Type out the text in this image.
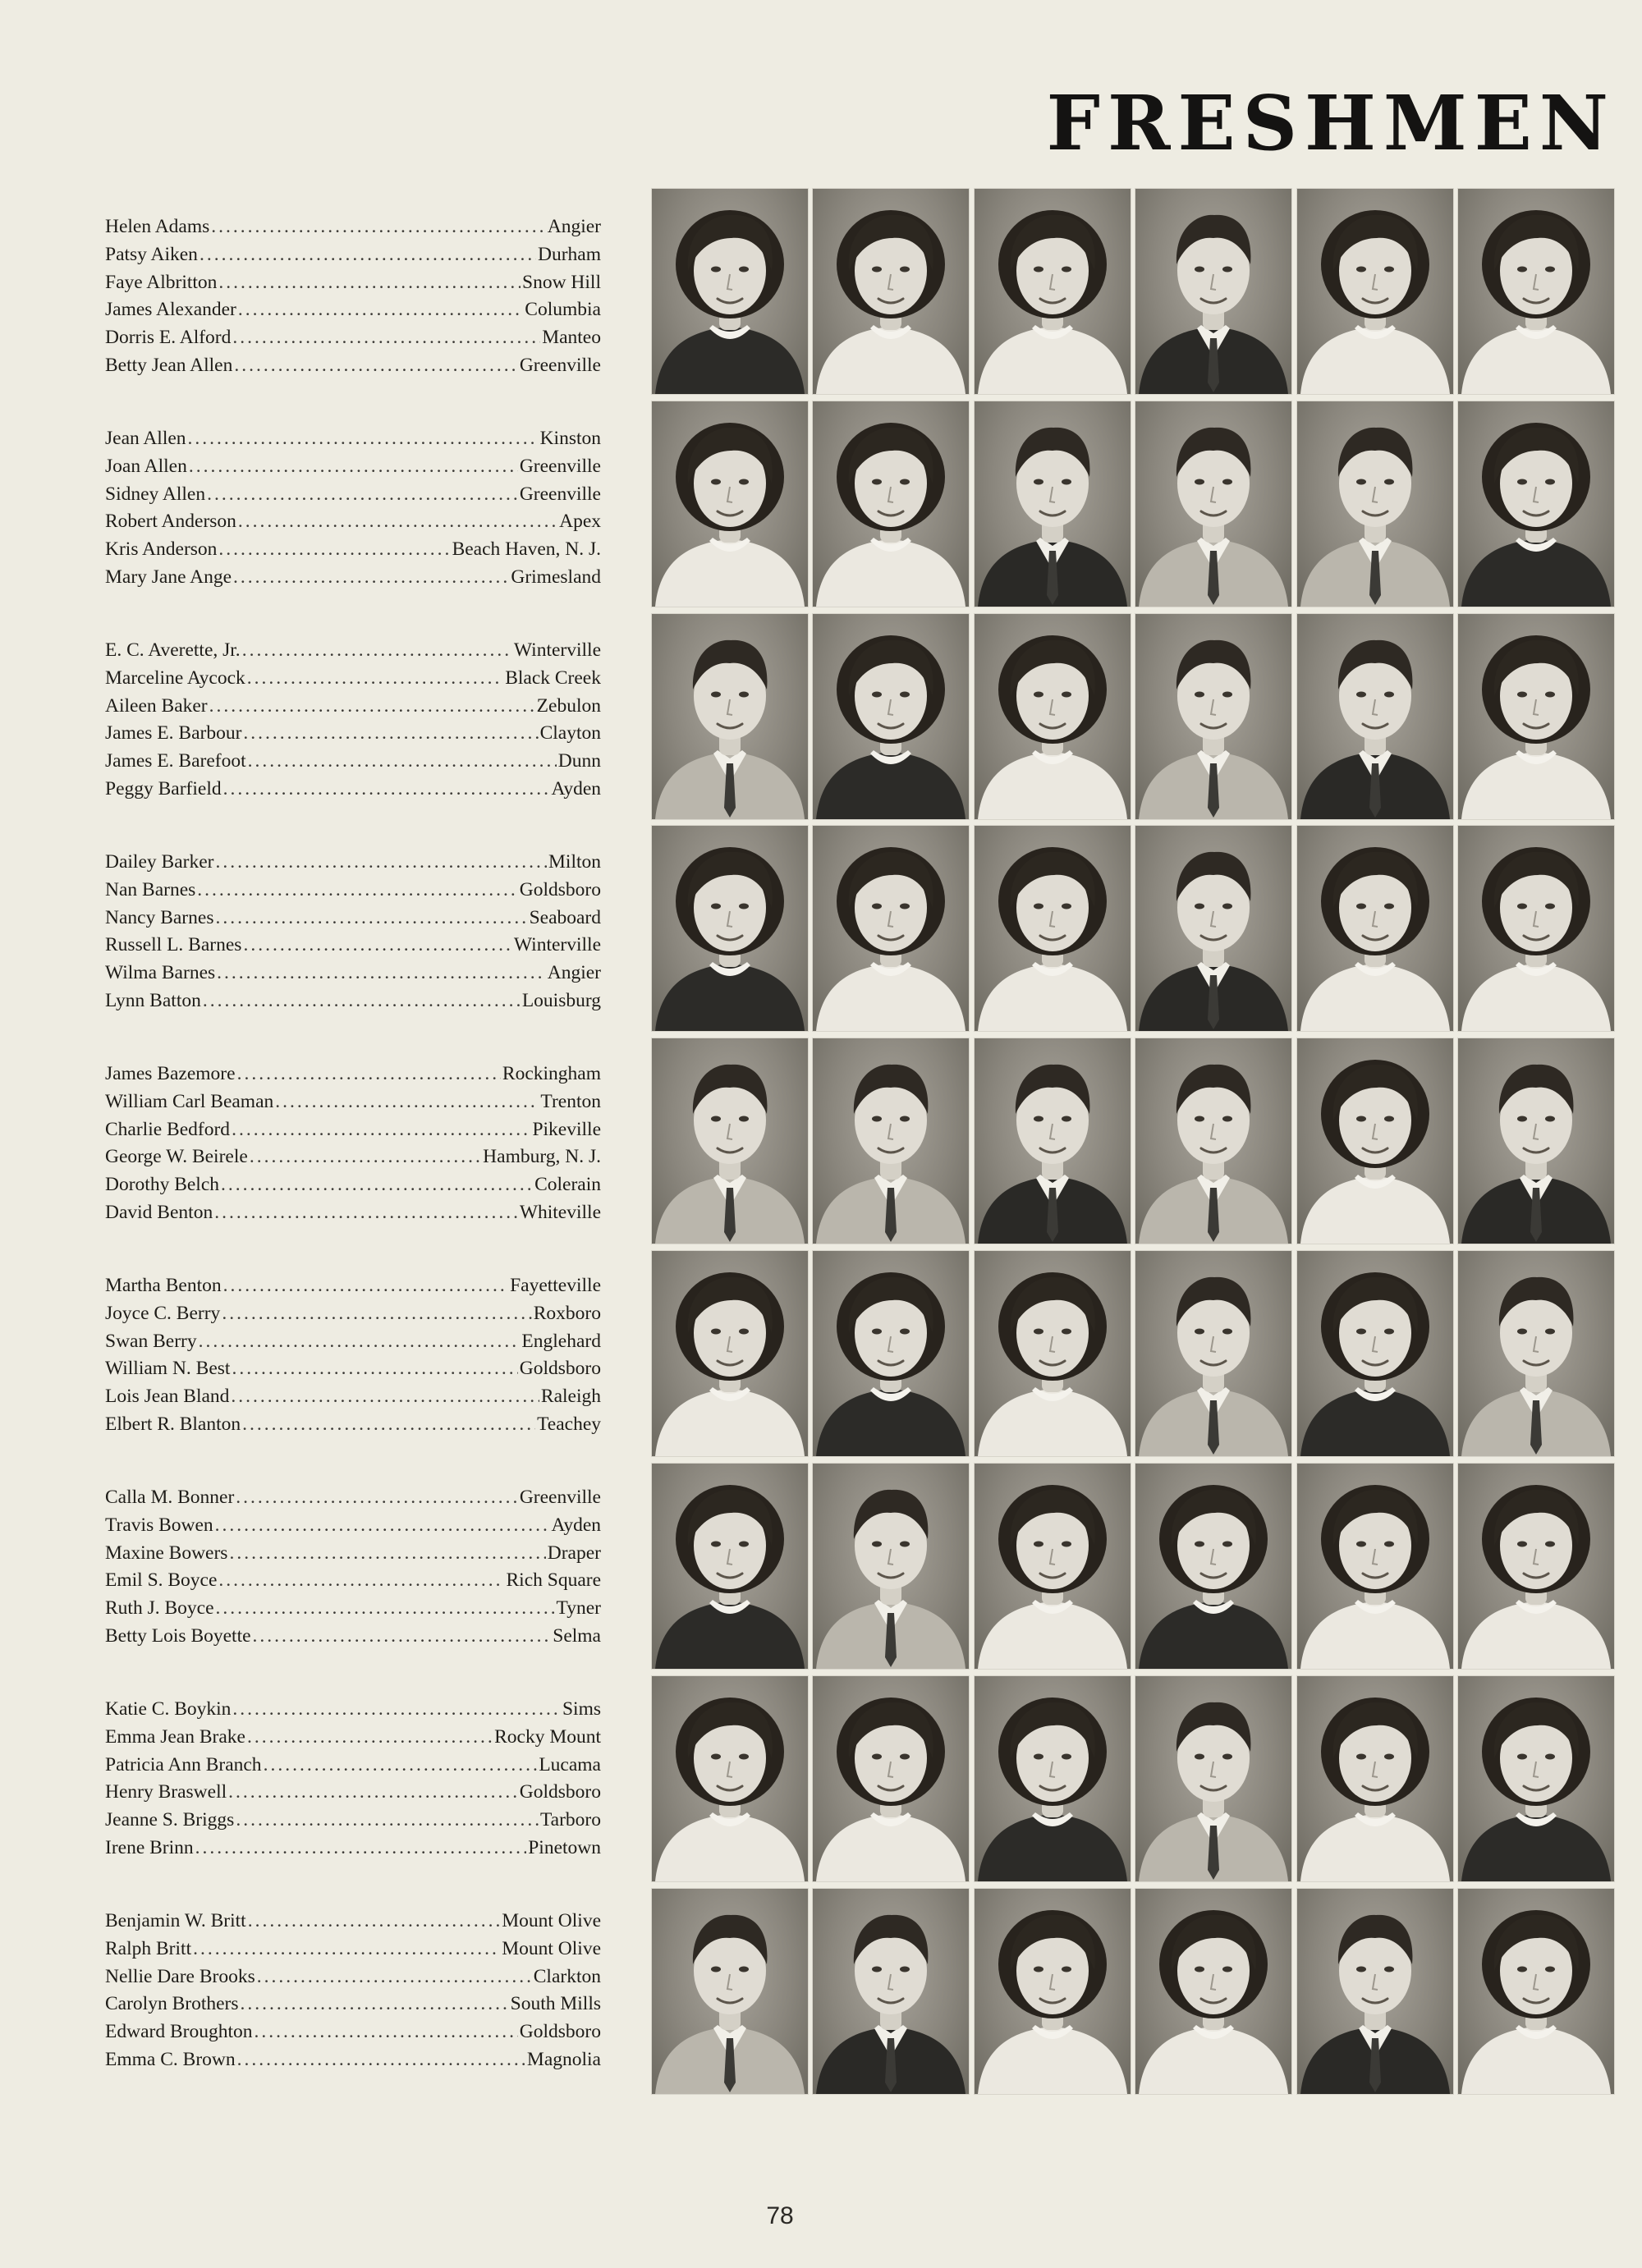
FRESHMEN
Helen Adams .....	Angier
Patsy Aiken .....	Durham
Faye Albritton .....	Snow Hill
James Alexander .....	Columbia
Dorris E. Alford .....	Manteo
Betty Jean Allen .....	Greenville
Jean Allen .....	Kinston
Joan Allen .....	Greenville
Sidney Allen .....	Greenville
Robert Anderson .....	Apex
Kris Anderson .....	Beach Haven, N. J.
Mary Jane Ange .....	Grimesland
E. C. Averette, Jr. .....	Winterville
Marceline Aycock .....	Black Creek
Aileen Baker .....	Zebulon
James E. Barbour .....	Clayton
James E. Barefoot .....	Dunn
Peggy Barfield .....	Ayden
Dailey Barker .....	Milton
Nan Barnes .....	Goldsboro
Nancy Barnes .....	Seaboard
Russell L. Barnes .....	Winterville
Wilma Barnes .....	Angier
Lynn Batton .....	Louisburg
James Bazemore .....	Rockingham
William Carl Beaman .....	Trenton
Charlie Bedford .....	Pikeville
George W. Beirele .....	Hamburg, N. J.
Dorothy Belch .....	Colerain
David Benton .....	Whiteville
Martha Benton .....	Fayetteville
Joyce C. Berry .....	Roxboro
Swan Berry .....	Englehard
William N. Best .....	Goldsboro
Lois Jean Bland .....	Raleigh
Elbert R. Blanton .....	Teachey
Calla M. Bonner .....	Greenville
Travis Bowen .....	Ayden
Maxine Bowers .....	Draper
Emil S. Boyce .....	Rich Square
Ruth J. Boyce .....	Tyner
Betty Lois Boyette .....	Selma
Katie C. Boykin .....	Sims
Emma Jean Brake .....	Rocky Mount
Patricia Ann Branch .....	Lucama
Henry Braswell .....	Goldsboro
Jeanne S. Briggs .....	Tarboro
Irene Brinn .....	Pinetown
Benjamin W. Britt .....	Mount Olive
Ralph Britt .....	Mount Olive
Nellie Dare Brooks .....	Clarkton
Carolyn Brothers .....	South Mills
Edward Broughton .....	Goldsboro
Emma C. Brown .....	Magnolia
78
